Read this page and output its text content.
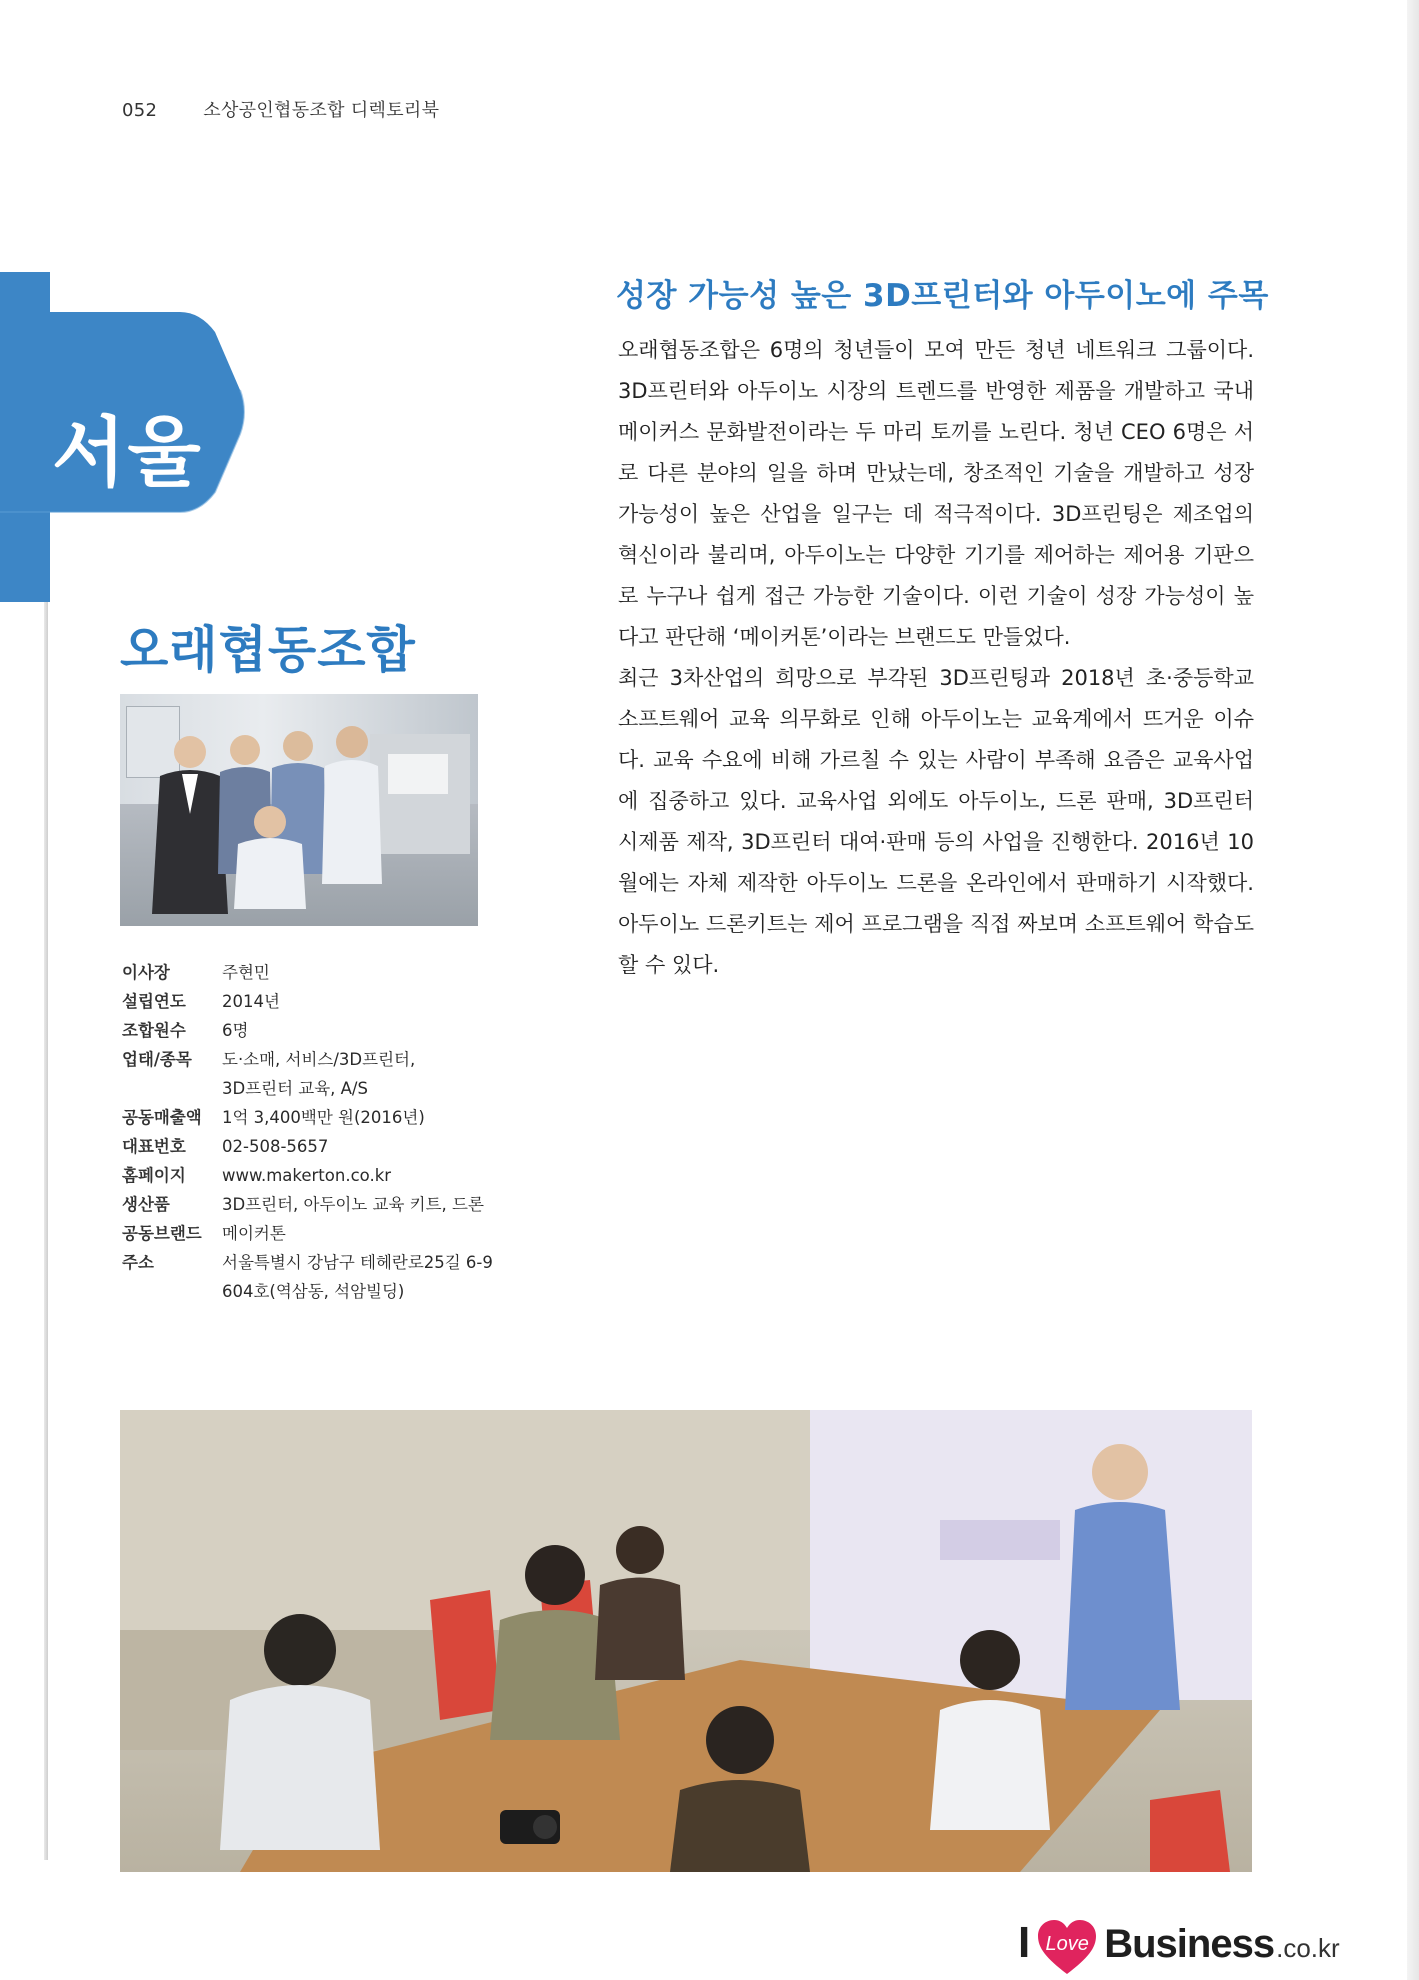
052	소상공인협동조합 디렉토리북
서울
오래협동조합
이사장	주현민
설립연도	2014년
조합원수	6명
업태/종목	도·소매, 서비스/3D프린터,
3D프린터 교육, A/S
공동매출액	1억 3,400백만 원(2016년)
대표번호	02-508-5657
홈페이지	www.makerton.co.kr
생산품	3D프린터, 아두이노 교육 키트, 드론
공동브랜드	메이커톤
주소	서울특별시 강남구 테헤란로25길 6-9
604호(역삼동, 석암빌딩)
성장 가능성 높은 3D프린터와 아두이노에 주목

오래협동조합은 6명의 청년들이 모여 만든 청년 네트워크 그룹이다. 3D프린터와 아두이노 시장의 트렌드를 반영한 제품을 개발하고 국내 메이커스 문화발전이라는 두 마리 토끼를 노린다. 청년 CEO 6명은 서로 다른 분야의 일을 하며 만났는데, 창조적인 기술을 개발하고 성장 가능성이 높은 산업을 일구는 데 적극적이다. 3D프린팅은 제조업의 혁신이라 불리며, 아두이노는 다양한 기기를 제어하는 제어용 기판으로 누구나 쉽게 접근 가능한 기술이다. 이런 기술이 성장 가능성이 높다고 판단해 ‘메이커톤’이라는 브랜드도 만들었다.

최근 3차산업의 희망으로 부각된 3D프린팅과 2018년 초·중등학교 소프트웨어 교육 의무화로 인해 아두이노는 교육계에서 뜨거운 이슈다. 교육 수요에 비해 가르칠 수 있는 사람이 부족해 요즘은 교육사업에 집중하고 있다. 교육사업 외에도 아두이노, 드론 판매, 3D프린터 시제품 제작, 3D프린터 대여·판매 등의 사업을 진행한다. 2016년 10월에는 자체 제작한 아두이노 드론을 온라인에서 판매하기 시작했다. 아두이노 드론키트는 제어 프로그램을 직접 짜보며 소프트웨어 학습도 할 수 있다.

I Love Business .co.kr
